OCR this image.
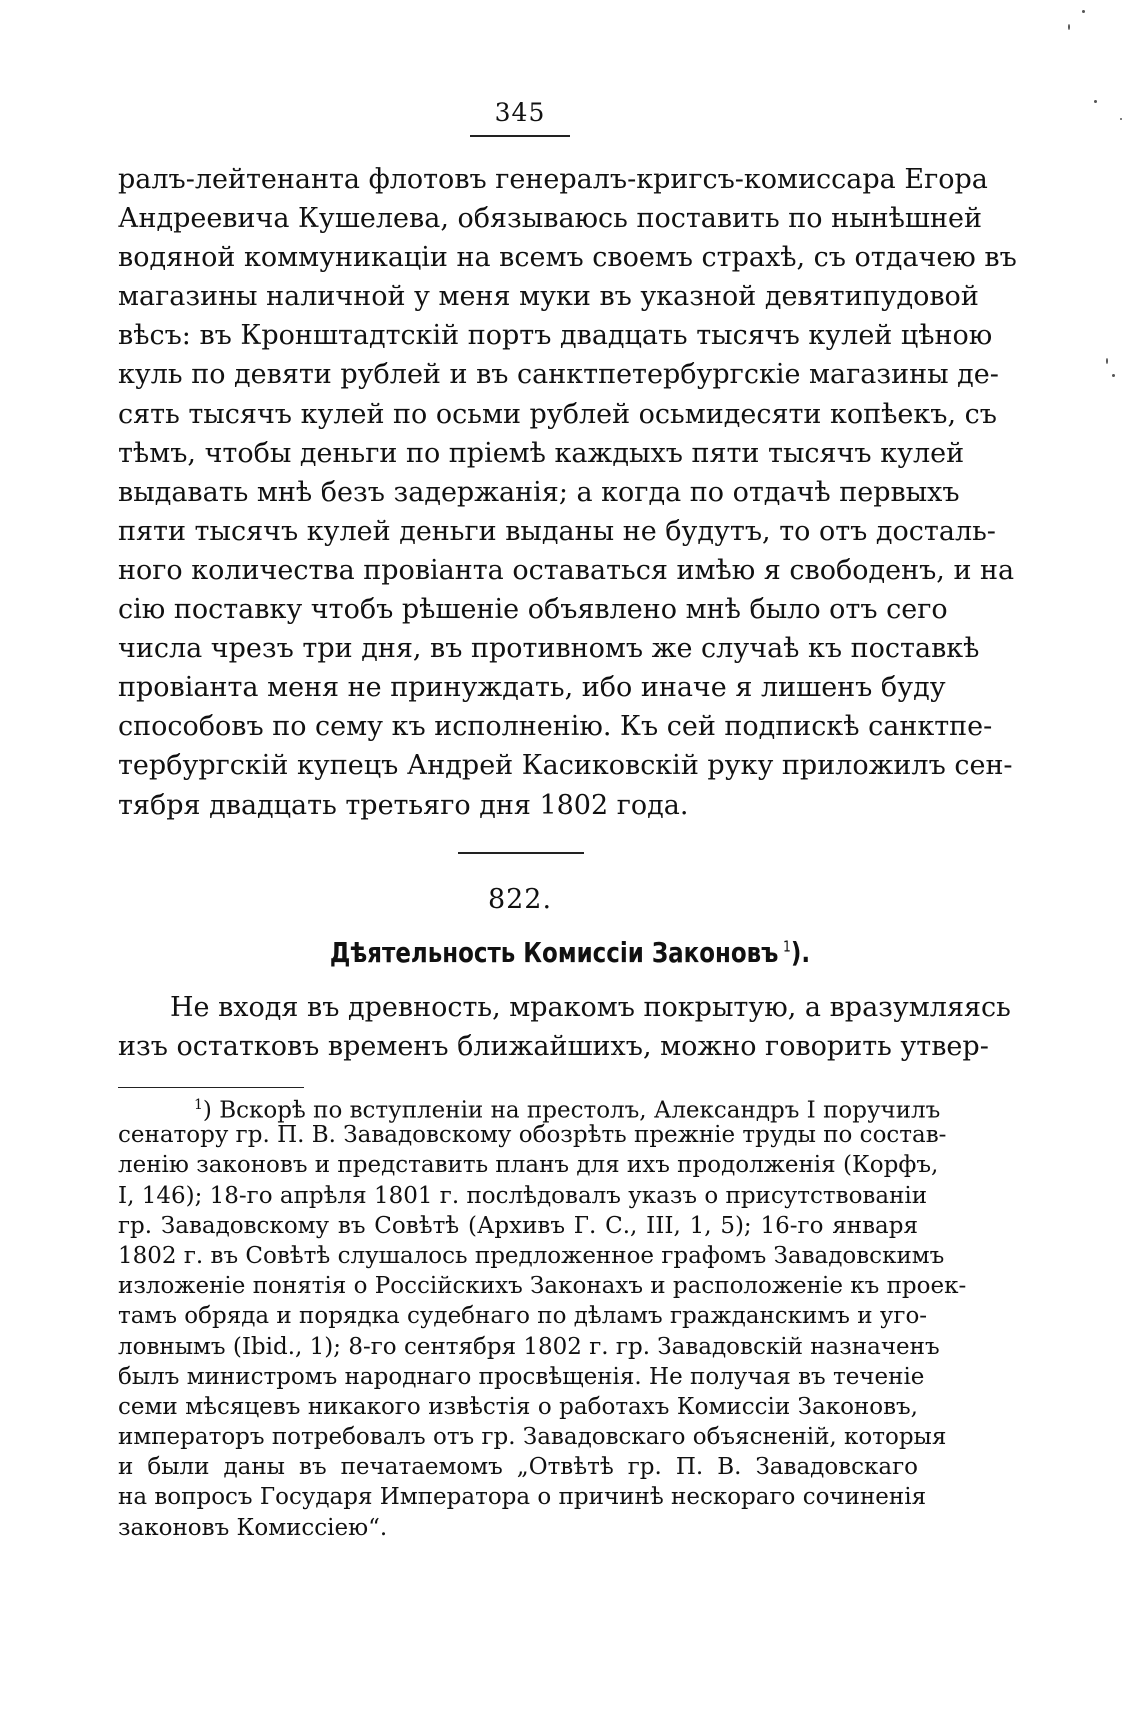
345
ралъ-лейтенанта флотовъ генералъ-кригсъ-комиссара Егора
Андреевича Кушелева, обязываюсь поставить по нынѣшней
водяной коммуникаціи на всемъ своемъ страхѣ, съ отдачею въ
магазины наличной у меня муки въ указной девятипудовой
вѣсъ: въ Кронштадтскій портъ двадцать тысячъ кулей цѣною
куль по девяти рублей и въ санктпетербургскіе магазины де-
сять тысячъ кулей по осьми рублей осьмидесяти копѣекъ, съ
тѣмъ, чтобы деньги по пріемѣ каждыхъ пяти тысячъ кулей
выдавать мнѣ безъ задержанія; а когда по отдачѣ первыхъ
пяти тысячъ кулей деньги выданы не будутъ, то отъ досталь-
ного количества провіанта оставаться имѣю я свободенъ, и на
сію поставку чтобъ рѣшеніе объявлено мнѣ было отъ сего
числа чрезъ три дня, въ противномъ же случаѣ къ поставкѣ
провіанта меня не принуждать, ибо иначе я лишенъ буду
способовъ по сему къ исполненію. Къ сей подпискѣ санктпе-
тербургскій купецъ Андрей Касиковскій руку приложилъ сен-
тября двадцать третьяго дня 1802 года.
822.
Дѣятельность Комиссіи Законовъ  $^1$).
Не входя въ древность, мракомъ покрытую, а вразумляясь
изъ остатковъ временъ ближайшихъ, можно говорить утвер-
$^1$) Вскорѣ по вступленіи на престолъ, Александръ I поручилъ
сенатору гр. П. В. Завадовскому обозрѣть прежніе труды по состав-
ленію законовъ и представить планъ для ихъ продолженія (Корфъ,
I, 146); 18-го апрѣля 1801 г. послѣдовалъ указъ о присутствованіи
гр. Завадовскому въ Совѣтѣ (Архивъ Г. С., III, 1, 5); 16-го января
1802 г. въ Совѣтѣ слушалось предложенное графомъ Завадовскимъ
изложеніе понятія о Россійскихъ Законахъ и расположеніе къ проек-
тамъ обряда и порядка судебнаго по дѣламъ гражданскимъ и уго-
ловнымъ (Ibid., 1); 8-го сентября 1802 г. гр. Завадовскій назначенъ
былъ министромъ народнаго просвѣщенія. Не получая въ теченіе
семи мѣсяцевъ никакого извѣстія о работахъ Комиссіи Законовъ,
императоръ потребовалъ отъ гр. Завадовскаго объясненій, которыя
и были даны въ печатаемомъ „Отвѣтѣ гр. П. В. Завадовскаго
на вопросъ Государя Императора о причинѣ нескораго сочиненія
законовъ Комиссіею“.
